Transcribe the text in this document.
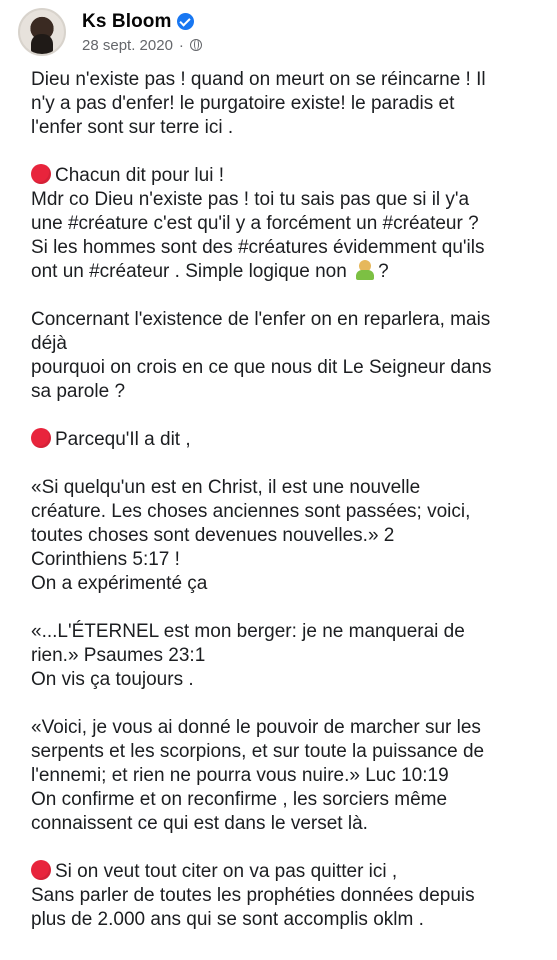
Ks Bloom
28 sept. 2020 ·
Dieu n'existe pas ! quand on meurt on se réincarne ! Il
n'y a pas d'enfer! le purgatoire existe! le paradis et
l'enfer sont sur terre ici .
Chacun dit pour lui !
Mdr co Dieu n'existe pas ! toi tu sais pas que si il y'a
une #créature c'est qu'il y a forcément un #créateur ?
Si les hommes sont des #créatures évidemment qu'ils
ont un #créateur . Simple logique non ?
Concernant l'existence de l'enfer on en reparlera, mais
déjà
pourquoi on crois en ce que nous dit Le Seigneur dans
sa parole ?
Parcequ'Il a dit ,
«Si quelqu'un est en Christ, il est une nouvelle
créature. Les choses anciennes sont passées; voici,
toutes choses sont devenues nouvelles.» 2
Corinthiens 5:17 !
On a expérimenté ça
«...L'ÉTERNEL est mon berger: je ne manquerai de
rien.» Psaumes 23:1
On vis ça toujours .
«Voici, je vous ai donné le pouvoir de marcher sur les
serpents et les scorpions, et sur toute la puissance de
l'ennemi; et rien ne pourra vous nuire.» Luc 10:19
On confirme et on reconfirme , les sorciers même
connaissent ce qui est dans le verset là.
Si on veut tout citer on va pas quitter ici ,
Sans parler de toutes les prophéties données depuis
plus de 2.000 ans qui se sont accomplis oklm .
